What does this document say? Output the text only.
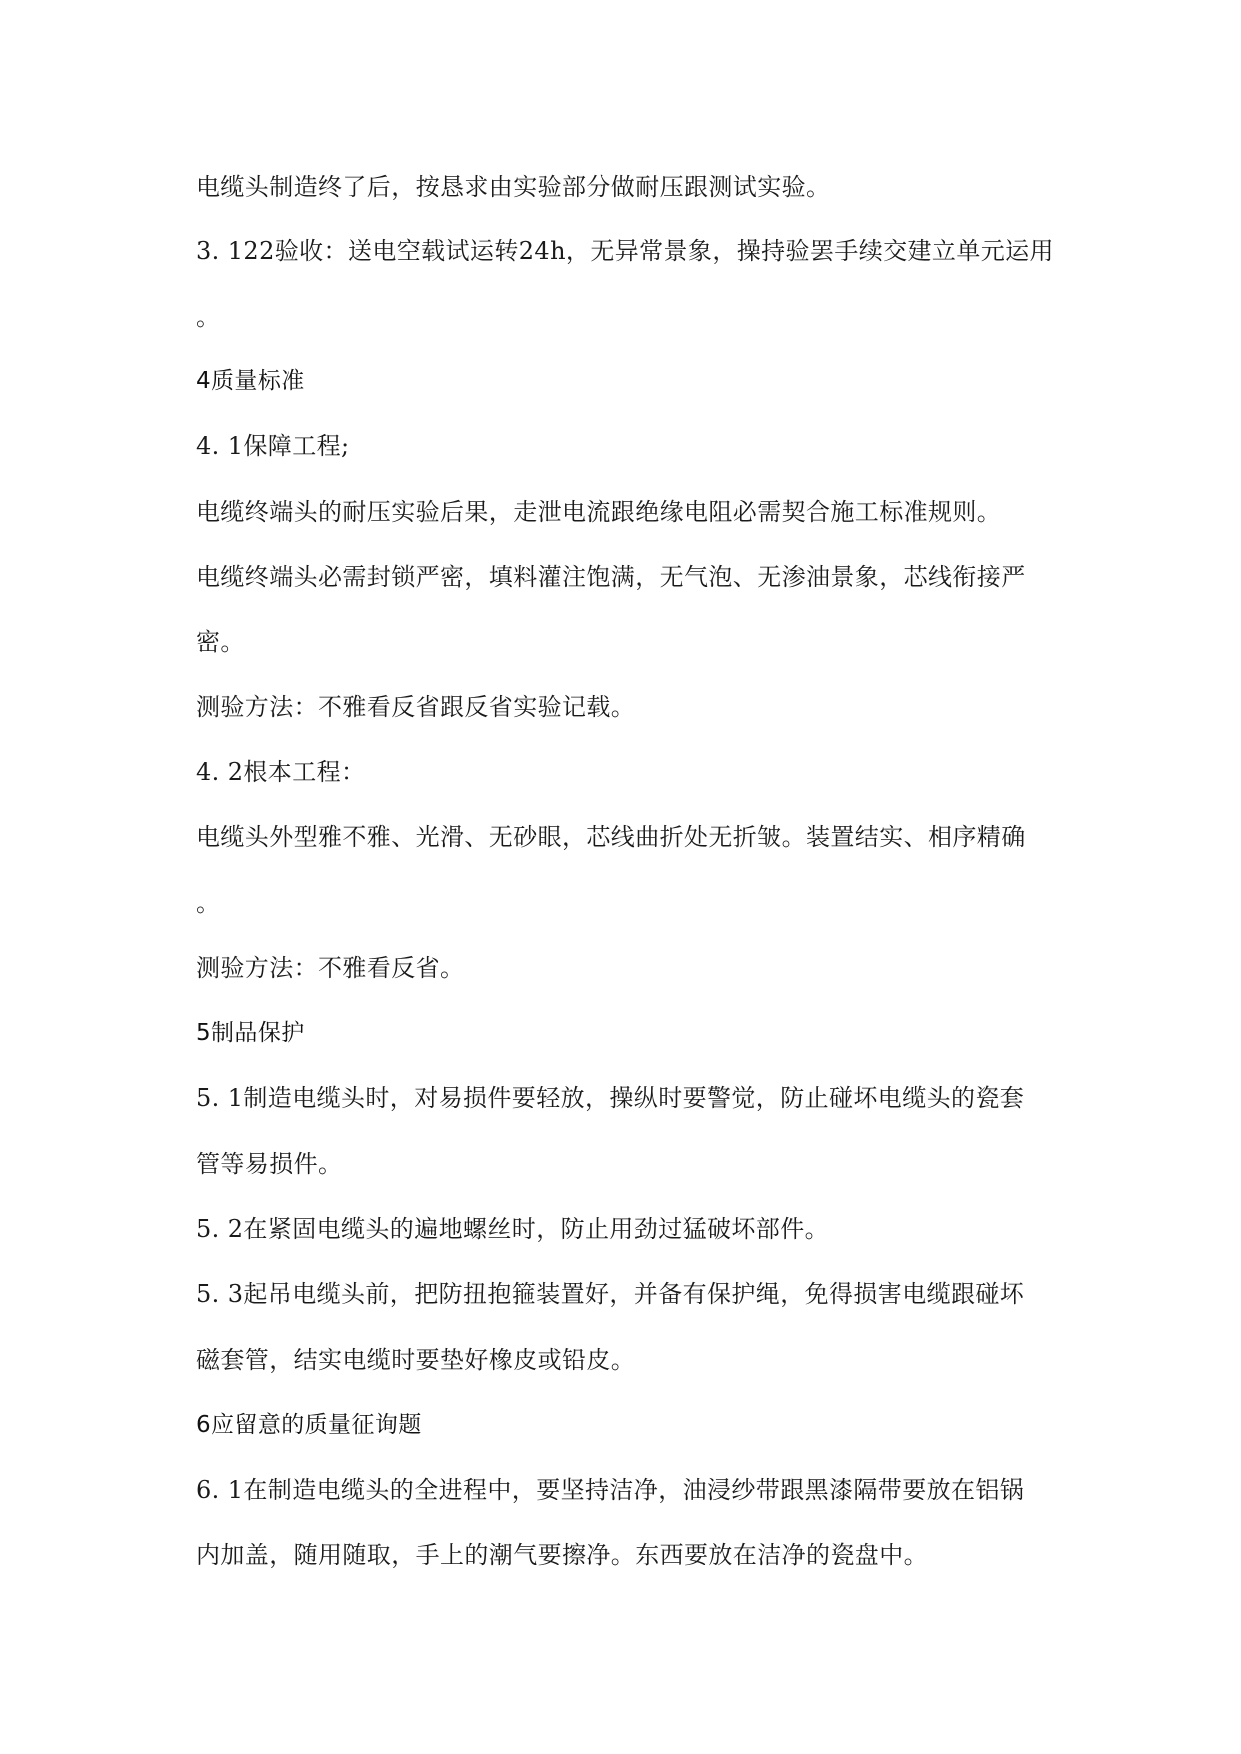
电缆头制造终了后，按恳求由实验部分做耐压跟测试实验。
3. 122验收：送电空载试运转24h，无异常景象，操持验罢手续交建立单元运用
。
4质量标准
4. 1保障工程;
电缆终端头的耐压实验后果，走泄电流跟绝缘电阻必需契合施工标准规则。
电缆终端头必需封锁严密，填料灌注饱满，无气泡、无渗油景象，芯线衔接严
密。
测验方法：不雅看反省跟反省实验记载。
4. 2根本工程：
电缆头外型雅不雅、光滑、无砂眼，芯线曲折处无折皱。装置结实、相序精确
。
测验方法：不雅看反省。
5制品保护
5. 1制造电缆头时，对易损件要轻放，操纵时要警觉，防止碰坏电缆头的瓷套
管等易损件。
5. 2在紧固电缆头的遍地螺丝时，防止用劲过猛破坏部件。
5. 3起吊电缆头前，把防扭抱箍装置好，并备有保护绳，免得损害电缆跟碰坏
磁套管，结实电缆时要垫好橡皮或铅皮。
6应留意的质量征询题
6. 1在制造电缆头的全进程中，要坚持洁净，油浸纱带跟黑漆隔带要放在铝锅
内加盖，随用随取，手上的潮气要擦净。东西要放在洁净的瓷盘中。
